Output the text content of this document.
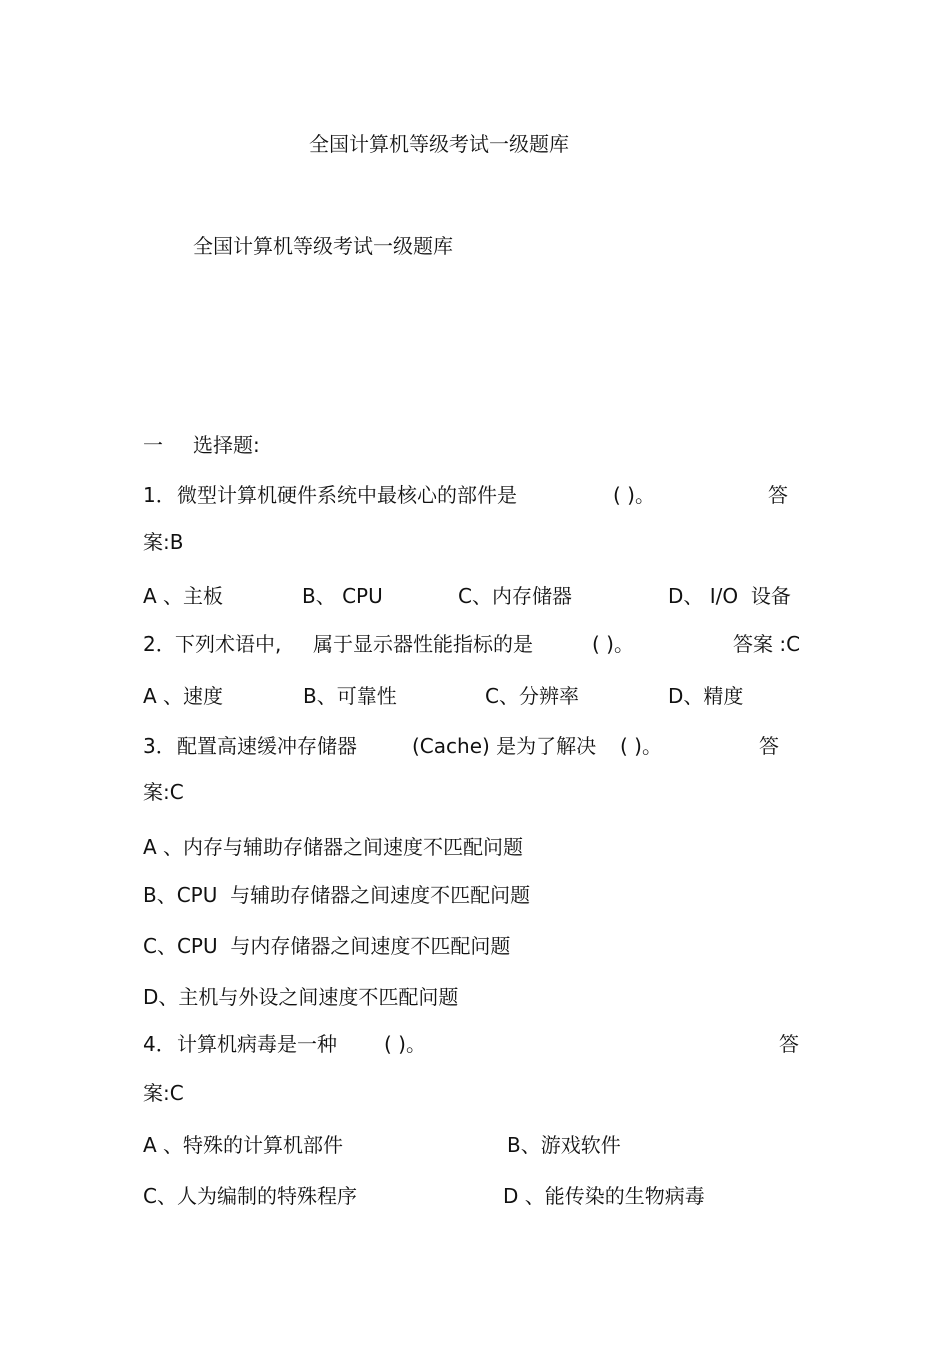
全国计算机等级考试一级题库
全国计算机等级考试一级题库
一 选择题:
1． 微型计算机硬件系统中最核心的部件是	( )。	答
案:B
A 、主板	B、 CPU	C、内存储器	D、 I/O  设备
2． 下列术语中, 属于显示器性能指标的是	( )。	答案 :C
A 、速度	B、可靠性	C、分辨率	D、精度
3． 配置高速缓冲存储器	(Cache) 是为了解决 ( )。	答
案:C
A 、内存与辅助存储器之间速度不匹配问题
B、CPU  与辅助存储器之间速度不匹配问题
C、CPU  与内存储器之间速度不匹配问题
D、主机与外设之间速度不匹配问题
4． 计算机病毒是一种 ( )。	答
案:C
A 、特殊的计算机部件	B、游戏软件
C、人为编制的特殊程序	D 、能传染的生物病毒
